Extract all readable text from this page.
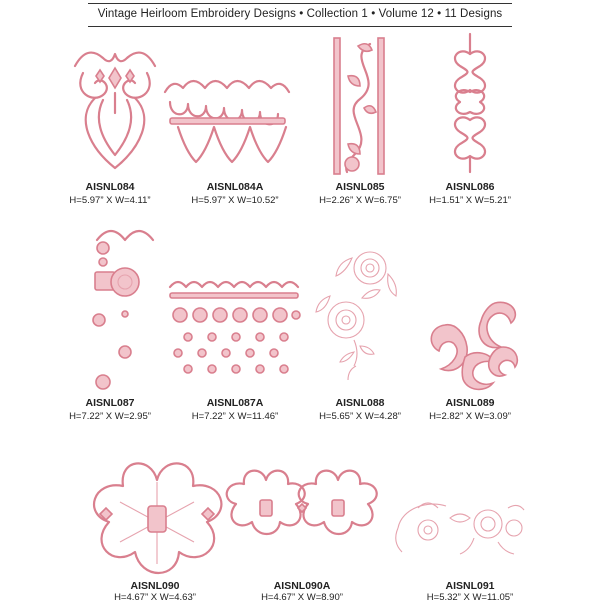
Vintage Heirloom Embroidery Designs • Collection 1 • Volume 12 • 11 Designs
AISNL084
H=5.97” X W=4.11”
AISNL084A
H=5.97” X W=10.52”
AISNL085
H=2.26” X W=6.75”
AISNL086
H=1.51” X W=5.21”
AISNL087
H=7.22” X W=2.95”
AISNL087A
H=7.22” X W=11.46”
AISNL088
H=5.65” X W=4.28”
AISNL089
H=2.82” X W=3.09”
AISNL090
H=4.67” X W=4.63”
AISNL090A
H=4.67” X W=8.90”
AISNL091
H=5.32” X W=11.05”
